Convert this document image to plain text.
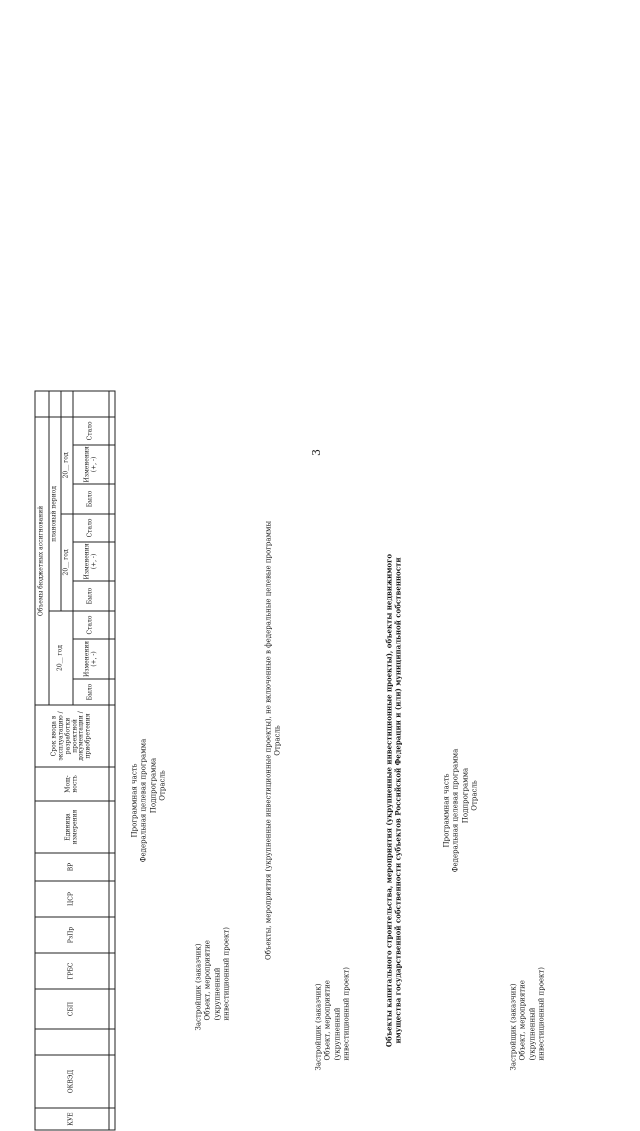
3
КУЕ	ОКВЭД		СБП	ГРБС	РзПр	ЦСР	ВР	Единица измерения	Мощ-ность	Срок ввода в эксплуатацию / разработки проектной документации / приобретения	Объемы бюджетных ассигнований									
											20__ год			плановый период						
														20__ год			20__ год			
											Было	Изменения (+, -)	Стало	Было	Изменения (+, -)	Стало	Было	Изменения (+, -)	Стало	

Программная часть Федеральная целевая программа Подпрограмма Отрасль
Застройщик (заказчик) Объект, мероприятие (укрупненный инвестиционный проект)
Объекты, мероприятия (укрупненные инвестиционные проекты), не включенные в федеральные целевые программы Отрасль
Застройщик (заказчик) Объект, мероприятие (укрупненный инвестиционный проект)	Объекты капитального строительства, мероприятия (укрупненные инвестиционные проекты), объекты недвижимого имущества государственной собственности субъектов Российской Федерации и (или) муниципальной собственности	Программная часть Федеральная целевая программа Подпрограмма Отрасль
Застройщик (заказчик) Объект, мероприятие (укрупненный инвестиционный проект)
